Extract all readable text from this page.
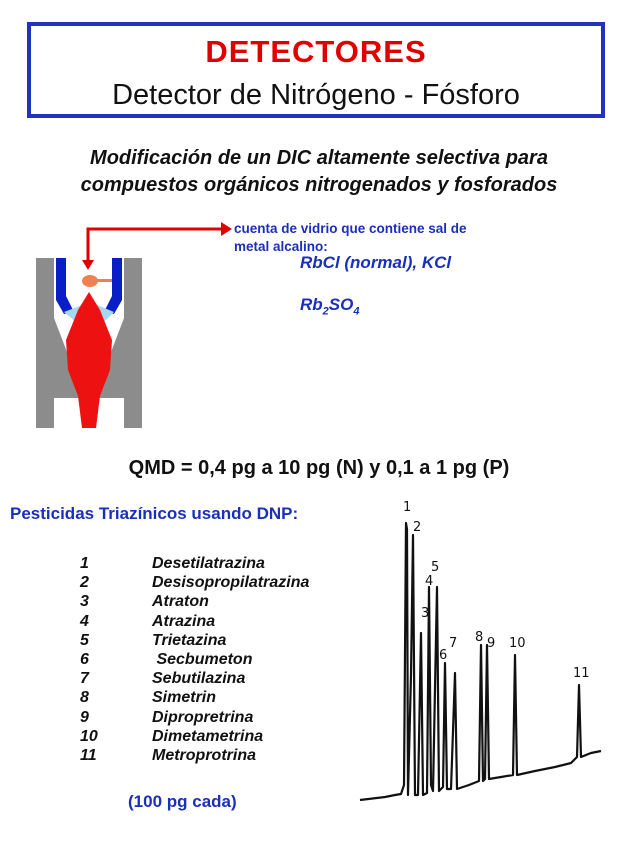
DETECTORES
Detector de Nitrógeno - Fósforo
Modificación de un DIC altamente selectiva para
compuestos orgánicos nitrogenados y fosforados
cuenta de vidrio que contiene sal de
metal alcalino:
RbCl (normal), KCl
$Rb_2SO_4$
QMD = 0,4 pg a 10 pg (N) y 0,1 a 1 pg (P)
Pesticidas Triazínicos usando DNP:
1	Desetilatrazina
2	Desisopropilatrazina
3	Atraton
4	Atrazina
5	Trietazina
6	Secbumeton
7	Sebutilazina
8	Simetrin
9	Dipropretrina
10	Dimetametrina
11	Metroprotrina
(100 pg cada)
1
2
3
4
5
6
7 8 9 10
11
